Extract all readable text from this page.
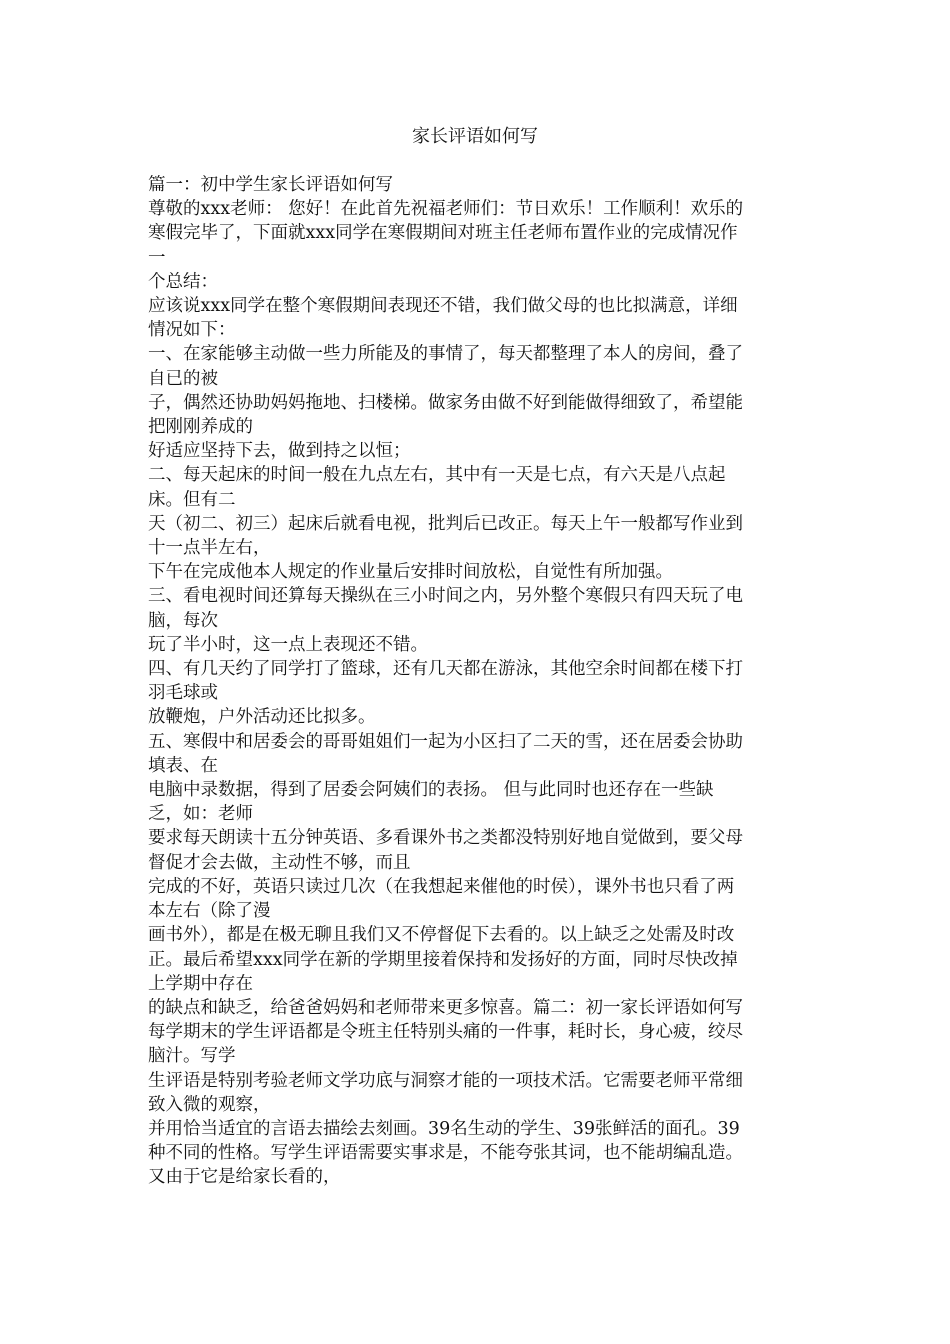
家长评语如何写
篇一：初中学生家长评语如何写
尊敬的xxx老师： 您好！在此首先祝福老师们：节日欢乐！工作顺利！欢乐的
寒假完毕了，下面就xxx同学在寒假期间对班主任老师布置作业的完成情况作
一
个总结：
应该说xxx同学在整个寒假期间表现还不错，我们做父母的也比拟满意，详细
情况如下：
一、在家能够主动做一些力所能及的事情了，每天都整理了本人的房间，叠了
自已的被
子，偶然还协助妈妈拖地、扫楼梯。做家务由做不好到能做得细致了，希望能
把刚刚养成的
好适应坚持下去，做到持之以恒；
二、每天起床的时间一般在九点左右，其中有一天是七点，有六天是八点起
床。但有二
天（初二、初三）起床后就看电视，批判后已改正。每天上午一般都写作业到
十一点半左右，
下午在完成他本人规定的作业量后安排时间放松，自觉性有所加强。
三、看电视时间还算每天操纵在三小时间之内，另外整个寒假只有四天玩了电
脑，每次
玩了半小时，这一点上表现还不错。
四、有几天约了同学打了篮球，还有几天都在游泳，其他空余时间都在楼下打
羽毛球或
放鞭炮，户外活动还比拟多。
五、寒假中和居委会的哥哥姐姐们一起为小区扫了二天的雪，还在居委会协助
填表、在
电脑中录数据，得到了居委会阿姨们的表扬。 但与此同时也还存在一些缺
乏，如：老师
要求每天朗读十五分钟英语、多看课外书之类都没特别好地自觉做到，要父母
督促才会去做，主动性不够，而且
完成的不好，英语只读过几次（在我想起来催他的时侯），课外书也只看了两
本左右（除了漫
画书外），都是在极无聊且我们又不停督促下去看的。以上缺乏之处需及时改
正。最后希望xxx同学在新的学期里接着保持和发扬好的方面，同时尽快改掉
上学期中存在
的缺点和缺乏，给爸爸妈妈和老师带来更多惊喜。篇二：初一家长评语如何写
每学期末的学生评语都是令班主任特别头痛的一件事，耗时长，身心疲，绞尽
脑汁。写学
生评语是特别考验老师文学功底与洞察才能的一项技术活。它需要老师平常细
致入微的观察，
并用恰当适宜的言语去描绘去刻画。39名生动的学生、39张鲜活的面孔。39
种不同的性格。写学生评语需要实事求是，不能夸张其词，也不能胡编乱造。
又由于它是给家长看的，
